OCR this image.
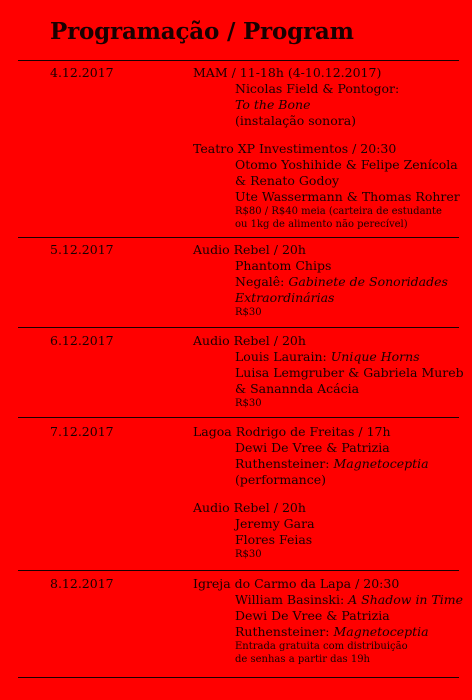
Programação / Program
4.12.2017	MAM / 11-18h (4-10.12.2017)
Nicolas Field & Pontogor:
To the Bone
(instalação sonora)
Teatro XP Investimentos / 20:30
Otomo Yoshihide & Felipe Zenícola
& Renato Godoy
Ute Wassermann & Thomas Rohrer
R$80 / R$40 meia (carteira de estudante
ou 1kg de alimento não perecível)
5.12.2017	Audio Rebel / 20h
Phantom Chips
Negalê: Gabinete de Sonoridades
Extraordinárias
R$30
6.12.2017	Audio Rebel / 20h
Louis Laurain: Unique Horns
Luisa Lemgruber & Gabriela Mureb
& Sanannda Acácia
R$30
7.12.2017	Lagoa Rodrigo de Freitas / 17h
Dewi De Vree & Patrizia
Ruthensteiner: Magnetoceptia
(performance)
Audio Rebel / 20h
Jeremy Gara
Flores Feias
R$30
8.12.2017	Igreja do Carmo da Lapa / 20:30
William Basinski: A Shadow in Time
Dewi De Vree & Patrizia
Ruthensteiner: Magnetoceptia
Entrada gratuita com distribuição
de senhas a partir das 19h
